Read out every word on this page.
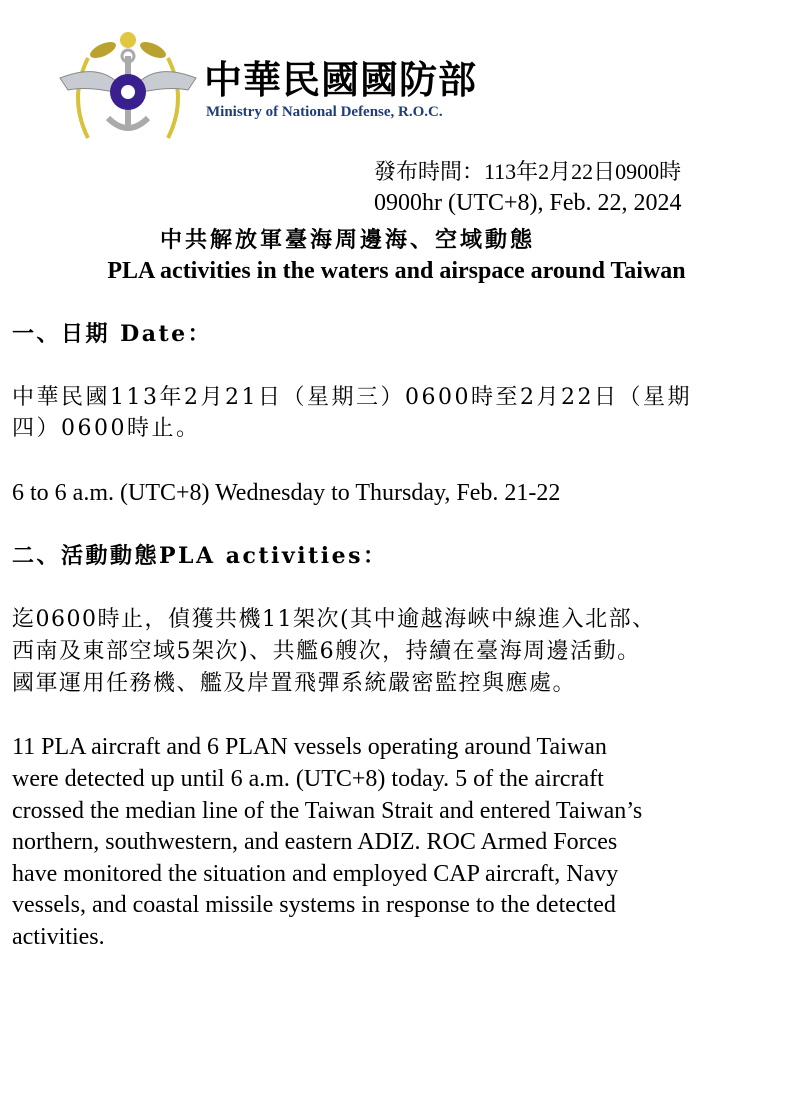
中華民國國防部
Ministry of National Defense, R.O.C.
發布時間：113年2月22日0900時
0900hr (UTC+8), Feb. 22, 2024
中共解放軍臺海周邊海、空域動態
PLA activities in the waters and airspace around Taiwan
一、日期 Date：
中華民國113年2月21日（星期三）0600時至2月22日（星期
四）0600時止。
6 to 6 a.m. (UTC+8) Wednesday to Thursday, Feb. 21-22
二、活動動態PLA activities：
迄0600時止，偵獲共機11架次(其中逾越海峽中線進入北部、
西南及東部空域5架次)、共艦6艘次，持續在臺海周邊活動。
國軍運用任務機、艦及岸置飛彈系統嚴密監控與應處。
11 PLA aircraft and 6 PLAN vessels operating around Taiwan
were detected up until 6 a.m. (UTC+8) today. 5 of the aircraft
crossed the median line of the Taiwan Strait and entered Taiwan’s
northern, southwestern, and eastern ADIZ. ROC Armed Forces
have monitored the situation and employed CAP aircraft, Navy
vessels, and coastal missile systems in response to the detected
activities.
